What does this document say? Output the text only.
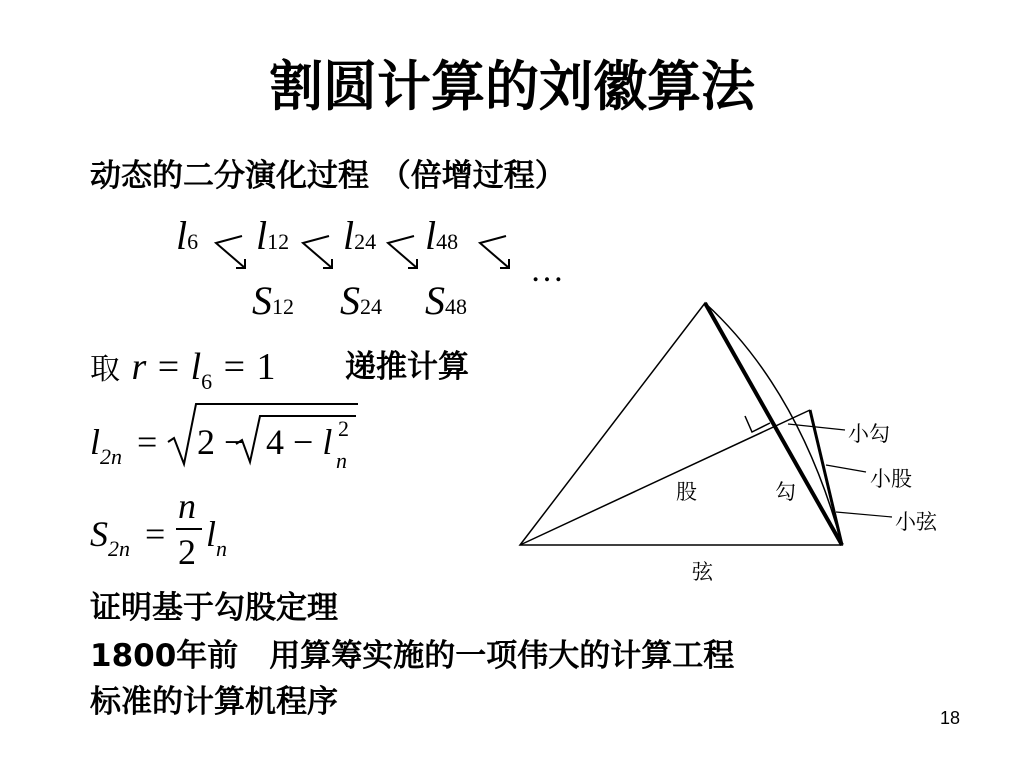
割圆计算的刘徽算法
动态的二分演化过程 （倍增过程）
l6 l12 l24 l48
…
S12 S24 S48
取 $r = l_6 = 1$ 递推计算
$l_{2n} = 2 - 4 - l$ n
2
$S_{2n}$ =
n
2 $l_n$
证明基于勾股定理
1800年前　用算筹实施的一项伟大的计算工程
标准的计算机程序
股	勾
弦
小勾
小股
小弦
18
